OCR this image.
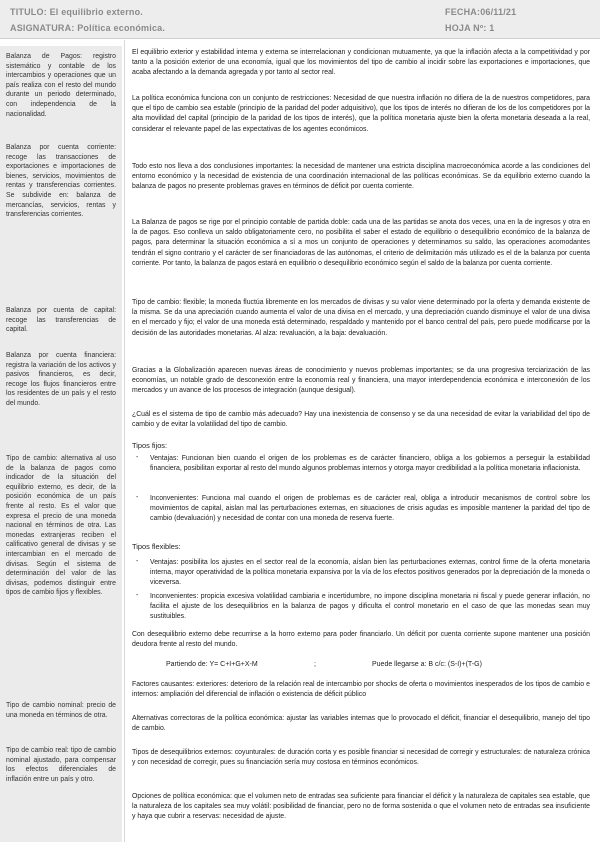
TITULO: El equilibrio externo.
ASIGNATURA: Política económica.
FECHA:06/11/21
HOJA Nº: 1
Balanza de Pagos: registro sistemático y contable de los intercambios y operaciones que un país realiza con el resto del mundo durante un periodo determinado, con independencia de la nacionalidad.
Balanza por cuenta corriente: recoge las transacciones de exportaciones e importaciones de bienes, servicios, movimientos de rentas y transferencias corrientes. Se subdivide en: balanza de mercancías, servicios, rentas y transferencias corrientes.
Balanza por cuenta de capital: recoge las transferencias de capital.
Balanza por cuenta financiera: registra la variación de los activos y pasivos financieros, es decir, recoge los flujos financieros entre los residentes de un país y el resto del mundo.
Tipo de cambio: alternativa al uso de la balanza de pagos como indicador de la situación del equilibrio externo, es decir, de la posición económica de un país frente al resto. Es el valor que expresa el precio de una moneda nacional en términos de otra. Las monedas extranjeras reciben el calificativo general de divisas y se intercambian en el mercado de divisas. Según el sistema de determinación del valor de las divisas, podemos distinguir entre tipos de cambio fijos y flexibles.
Tipo de cambio nominal: precio de una moneda en términos de otra.
Tipo de cambio real: tipo de cambio nominal ajustado, para compensar los efectos diferenciales de inflación entre un país y otro.
El equilibrio exterior y estabilidad interna y externa se interrelacionan y condicionan mutuamente, ya que la inflación afecta a la competitividad y por tanto a la posición exterior de una economía, igual que los movimientos del tipo de cambio al incidir sobre las exportaciones e importaciones, que acaba afectando a la demanda agregada y por tanto al sector real.
La política económica funciona con un conjunto de restricciones: Necesidad de que nuestra inflación no difiera de la de nuestros competidores, para que el tipo de cambio sea estable (principio de la paridad del poder adquisitivo), que los tipos de interés no difieran de los de los competidores por la alta movilidad del capital (principio de la paridad de los tipos de interés), que la política monetaria ajuste bien la oferta monetaria deseada a la real, considerar el relevante papel de las expectativas de los agentes económicos.
Todo esto nos lleva a dos conclusiones importantes: la necesidad de mantener una estricta disciplina macroeconómica acorde a las condiciones del entorno económico y la necesidad de existencia de una coordinación internacional de las políticas económicas. Se da equilibrio externo cuando la balanza de pagos no presente problemas graves en términos de déficit por cuenta corriente.
La Balanza de pagos se rige por el principio contable de partida doble: cada una de las partidas se anota dos veces, una en la de ingresos y otra en la de pagos. Eso conlleva un saldo obligatoriamente cero, no posibilita el saber el estado de equilibrio o desequilibrio económico de la balanza de pagos, para determinar la situación económica a sí a mos un conjunto de operaciones y determinamos su saldo, las operaciones acomodantes tendrán el signo contrario y el carácter de ser financiadoras de las autónomas, el criterio de delimitación más utilizado es el de la balanza por cuenta corriente. Por tanto, la balanza de pagos estará en equilibrio o desequilibrio económico según el saldo de la balanza por cuenta corriente.
Tipo de cambio: flexible; la moneda fluctúa libremente en los mercados de divisas y su valor viene determinado por la oferta y demanda existente de la misma. Se da una apreciación cuando aumenta el valor de una divisa en el mercado, y una depreciación cuando disminuye el valor de una divisa en el mercado y fijo; el valor de una moneda está determinado, respaldado y mantenido por el banco central del país, pero puede modificarse por la decisión de las autoridades monetarias. Al alza: revaluación, a la baja: devaluación.
Gracias a la Globalización aparecen nuevas áreas de conocimiento y nuevos problemas importantes; se da una progresiva terciarización de las economías, un notable grado de desconexión entre la economía real y financiera, una mayor interdependencia económica e interconexión de los mercados y un avance de los procesos de integración (aunque desigual).
¿Cuál es el sistema de tipo de cambio más adecuado? Hay una inexistencia de consenso y se da una necesidad de evitar la variabilidad del tipo de cambio y de evitar la volatilidad del tipo de cambio.
Tipos fijos:
- Ventajas: Funcionan bien cuando el origen de los problemas es de carácter financiero, obliga a los gobiernos a perseguir la estabilidad financiera, posibilitan exportar al resto del mundo algunos problemas internos y otorga mayor credibilidad a la política monetaria inflacionista.
- Inconvenientes: Funciona mal cuando el origen de problemas es de carácter real, obliga a introducir mecanismos de control sobre los movimientos de capital, aislan mal las perturbaciones externas, en situaciones de crisis agudas es imposible mantener la paridad del tipo de cambio (devaluación) y necesidad de contar con una moneda de reserva fuerte.
Tipos flexibles:
- Ventajas: posibilita los ajustes en el sector real de la economía, aíslan bien las perturbaciones externas, control firme de la oferta monetaria interna, mayor operatividad de la política monetaria expansiva por la vía de los efectos positivos generados por la depreciación de la moneda o viceversa.
- Inconvenientes: propicia excesiva volatilidad cambiaria e incertidumbre, no impone disciplina monetaria ni fiscal y puede generar inflación, no facilita el ajuste de los desequilibrios en la balanza de pagos y dificulta el control monetario en el caso de que las monedas sean muy sustituibles.
Con desequilibrio externo debe recurrirse a la horro externo para poder financiarlo. Un déficit por cuenta corriente supone mantener una posición deudora frente al resto del mundo.
Partiendo de: Y= C+I+G+X-M	;	Puede llegarse a: B c/c: (S-I)+(T-G)
Factores causantes: exteriores: deterioro de la relación real de intercambio por shocks de oferta o movimientos inesperados de los tipos de cambio e internos: ampliación del diferencial de inflación o existencia de déficit público
Alternativas correctoras de la política económica: ajustar las variables internas que lo provocado el déficit, financiar el desequilibrio, manejo del tipo de cambio.
Tipos de desequilibrios externos: coyunturales: de duración corta y es posible financiar si necesidad de corregir y estructurales: de naturaleza crónica y con necesidad de corregir, pues su financiación sería muy costosa en términos económicos.
Opciones de política económica: que el volumen neto de entradas sea suficiente para financiar el déficit y la naturaleza de capitales sea estable, que la naturaleza de los capitales sea muy volátil: posibilidad de financiar, pero no de forma sostenida o que el volumen neto de entradas sea insuficiente y haya que cubrir a reservas: necesidad de ajuste.
